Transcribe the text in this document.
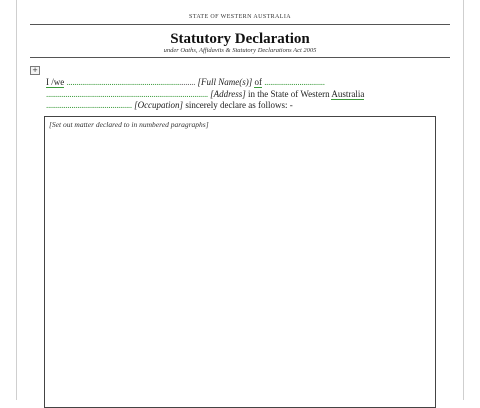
STATE OF WESTERN AUSTRALIA
Statutory Declaration
under Oaths, Affidavits & Statutory Declarations Act 2005
+
I /we .................................................................. [Full Name(s)] of ...............................
................................................................................... [Address] in the State of Western Australia
............................................ [Occupation] sincerely declare as follows: -
[Set out matter declared to in numbered paragraphs]
